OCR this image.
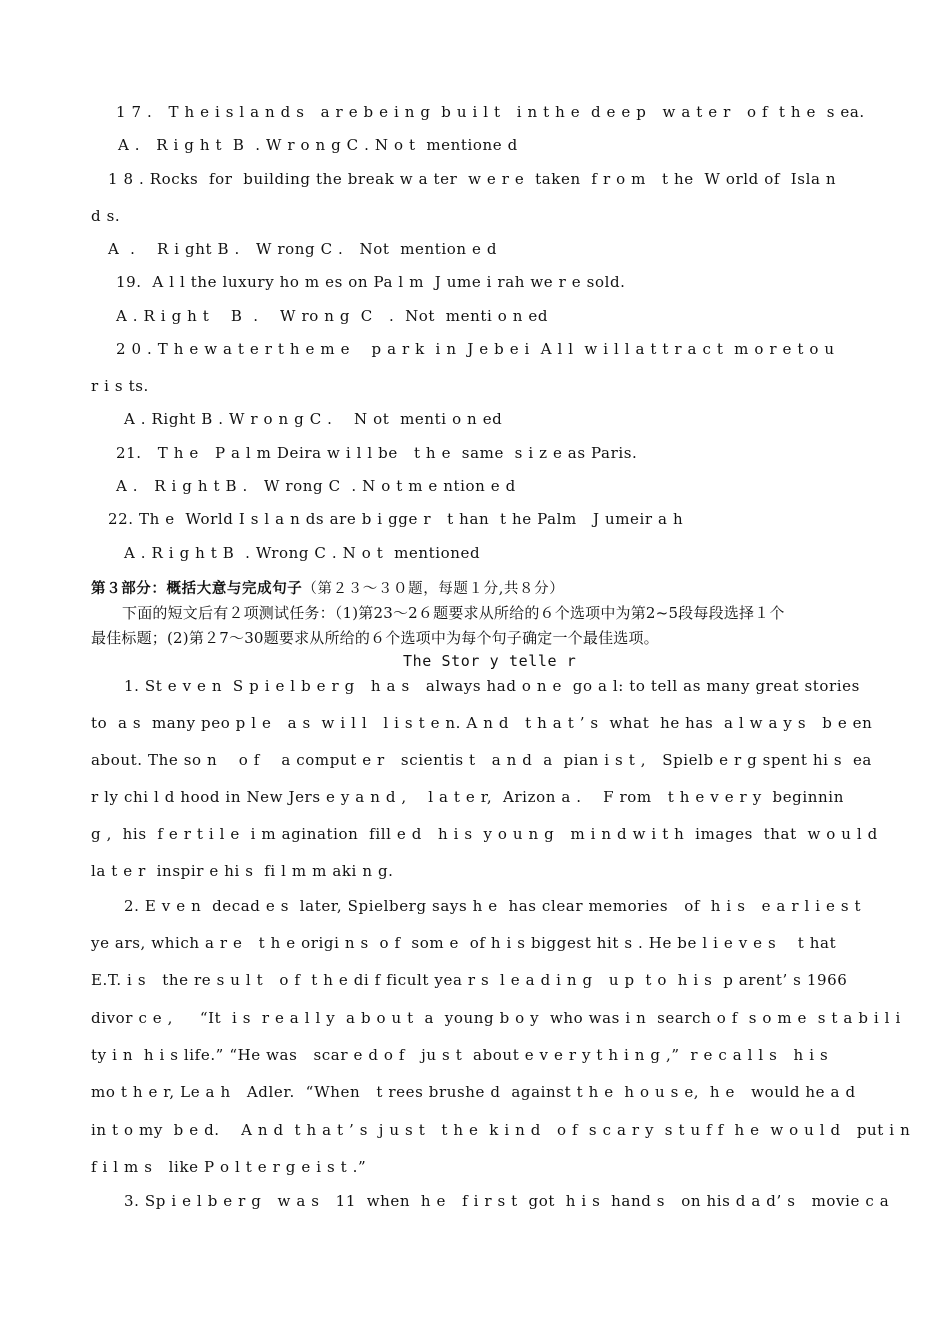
1 7 .   T h e i s l a n d s   a r e b e i n g  b u i l t   i n t h e  d e e p   w a t e r   o f  t h e  s ea.
A .   R i g h t  B  . W r o n g C . N o t  mentione d
1 8 . Rocks  for  building the break w a ter  w e r e  taken  f r o m   t he  W orld of  Isla n
d s.
A  .    R i ght B .   W rong C .   Not  mention e d
19.  A l l the luxury ho m es on Pa l m  J ume i rah we r e sold.
A . R i g h t    B  .    W ro n g  C   .  Not  menti o n ed
2 0 . T h e w a t e r t h e m e    p a r k  i n  J e b e i  A l l  w i l l a t t r a c t  m o r e t o u
r i s ts.
A . Right B . W r o n g C .    N ot  menti o n ed
21.   T h e   P a l m Deira w i l l be   t h e  same  s i z e as Paris.
A .   R i g h t B .   W rong C  . N o t m e ntion e d
22. Th e  World I s l a n ds are b i gge r   t han  t he Palm   J umeir a h
A . R i g h t B  . Wrong C . N o t  mentioned
第３部分：概括大意与完成句子（第２３～３０题，每题１分,共８分）
下面的短文后有２项测试任务：（1)第23～2６题要求从所给的６个选项中为第2~5段每段选择１个
最佳标题；(2)第２7～30题要求从所给的６个选项中为每个句子确定一个最佳选项。
The Stor y telle r
1. St e v e n  S p i e l b e r g   h a s   always had o n e  go a l: to tell as many great stories
to  a s  many peo p l e   a s  w i l l   l i s t e n. A n d   t h a t ’ s  what  he has  a l w a y s   b e en
about. The so n    o f    a comput e r   scientis t   a n d  a  pian i s t ,   Spielb e r g spent hi s  ea
r ly chi l d hood in New Jers e y a n d ,    l a t e r,  Arizon a .    F rom   t h e v e r y  beginnin
g ,  his  f e r t i l e  i m agination  fill e d   h i s  y o u n g   m i n d w i t h  images  that  w o u l d
la t e r  inspir e hi s  fi l m m aki n g.
2. E v e n  decad e s  later, Spielberg says h e  has clear memories   of  h i s   e a r l i e s t
ye ars, which a r e   t h e origi n s  o f  som e  of h i s biggest hit s . He be l i e v e s    t hat
E.T. i s   the re s u l t   o f  t h e di f ficult yea r s  l e a d i n g   u p  t o  h i s  p arent’ s 1966
divor c e ,     “It  i s  r e a l l y  a b o u t  a  young b o y  who was i n  search o f  s o m e  s t a b i l i
ty i n  h i s life.” “He was   scar e d o f   ju s t  about e v e r y t h i n g ,”  r e c a l l s   h i s
mo t h e r, Le a h   Adler.  “When   t rees brushe d  against t h e  h o u s e,  h e   would he a d
in t o my  b e d.    A n d  t h a t ’ s  j u s t   t h e  k i n d   o f  s c a r y  s t u f f  h e  w o u l d   put i n
f i l m s   like P o l t e r g e i s t .”
3. Sp i e l b e r g   w a s   11  when  h e   f i r s t  got  h i s  hand s   on his d a d’ s   movie c a
